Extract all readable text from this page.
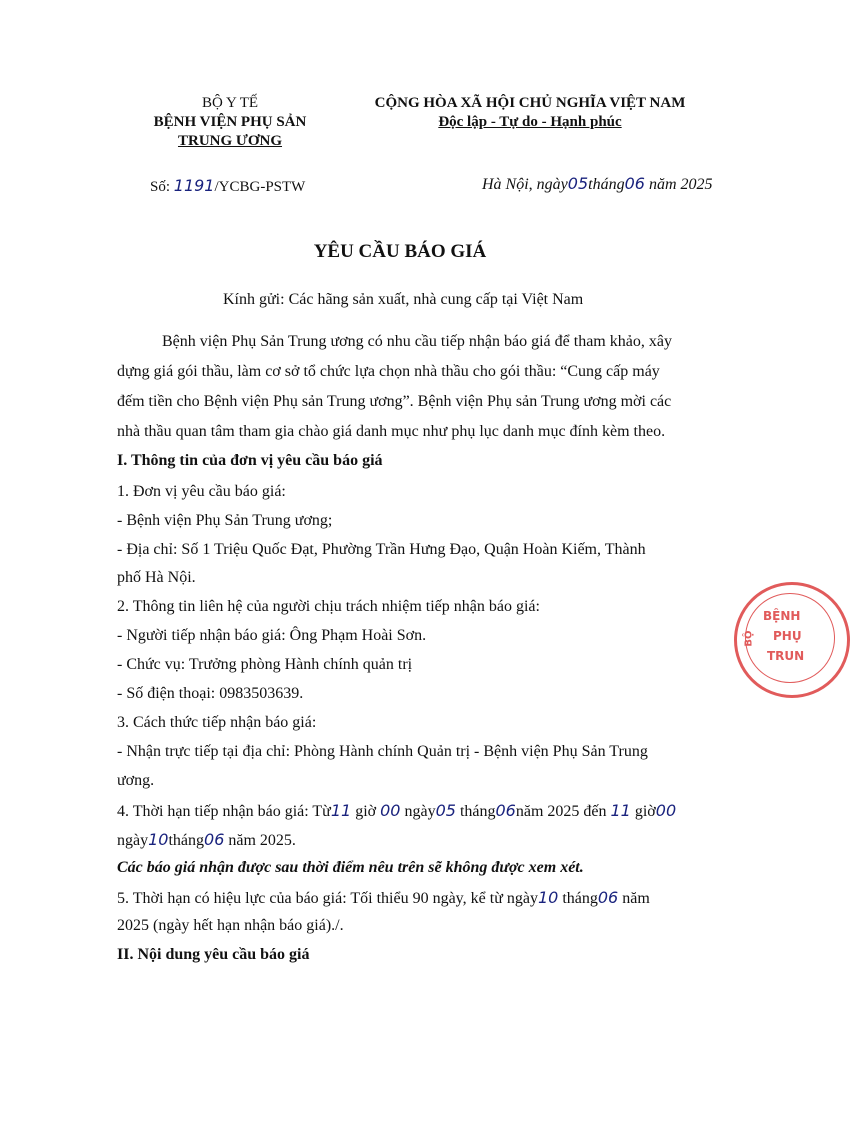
BỘ Y TẾ
BỆNH VIỆN PHỤ SẢN
TRUNG ƯƠNG
CỘNG HÒA XÃ HỘI CHỦ NGHĨA VIỆT NAM
Độc lập - Tự do - Hạnh phúc
Số: 1191/YCBG-PSTW	Hà Nội, ngày05tháng06 năm 2025
YÊU CẦU BÁO GIÁ
Kính gửi: Các hãng sản xuất, nhà cung cấp tại Việt Nam
Bệnh viện Phụ Sản Trung ương có nhu cầu tiếp nhận báo giá để tham khảo, xây
dựng giá gói thầu, làm cơ sở tổ chức lựa chọn nhà thầu cho gói thầu: “Cung cấp máy
đếm tiền cho Bệnh viện Phụ sản Trung ương”. Bệnh viện Phụ sản Trung ương mời các
nhà thầu quan tâm tham gia chào giá danh mục như phụ lục danh mục đính kèm theo.
I. Thông tin của đơn vị yêu cầu báo giá
1. Đơn vị yêu cầu báo giá:
- Bệnh viện Phụ Sản Trung ương;
- Địa chỉ: Số 1 Triệu Quốc Đạt, Phường Trần Hưng Đạo, Quận Hoàn Kiếm, Thành
phố Hà Nội.
2. Thông tin liên hệ của người chịu trách nhiệm tiếp nhận báo giá:
- Người tiếp nhận báo giá: Ông Phạm Hoài Sơn.
- Chức vụ: Trưởng phòng Hành chính quản trị
- Số điện thoại: 0983503639.
3. Cách thức tiếp nhận báo giá:
- Nhận trực tiếp tại địa chỉ: Phòng Hành chính Quản trị - Bệnh viện Phụ Sản Trung
ương.
4. Thời hạn tiếp nhận báo giá: Từ11 giờ 00 ngày05 tháng06năm 2025 đến 11 giờ00
ngày10tháng06 năm 2025.
Các báo giá nhận được sau thời điểm nêu trên sẽ không được xem xét.
5. Thời hạn có hiệu lực của báo giá: Tối thiểu 90 ngày, kể từ ngày10 tháng06 năm
2025 (ngày hết hạn nhận báo giá)./.
II. Nội dung yêu cầu báo giá
BỆNH
PHỤ
TRUN
BỘ
